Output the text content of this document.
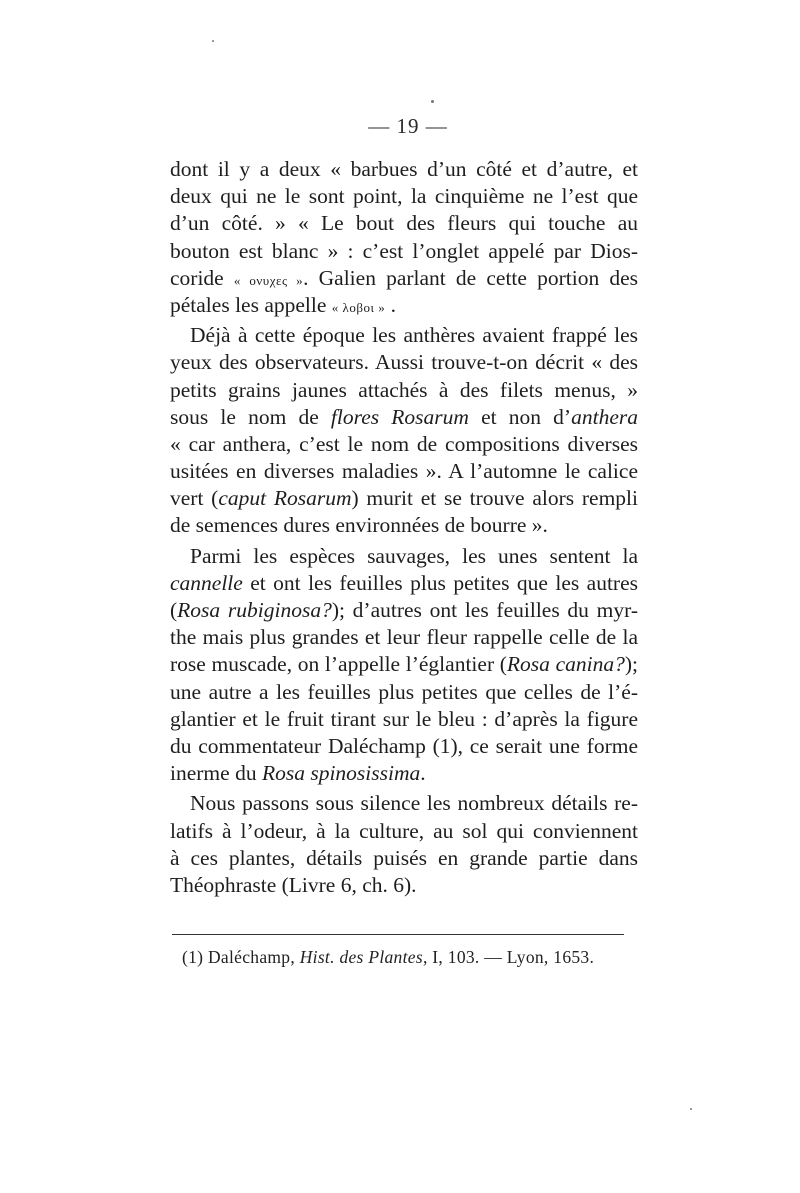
— 19 —
dont il y a deux « barbues d’un côté et d’autre, et
deux qui ne le sont point, la cinquième ne l’est que
d’un côté. » « Le bout des fleurs qui touche au
bouton est blanc » : c’est l’onglet appelé par Dios-
coride « ονυχες ». Galien parlant de cette portion des
pétales les appelle « λοβοι » .
Déjà à cette époque les anthères avaient frappé les
yeux des observateurs. Aussi trouve-t-on décrit « des
petits grains jaunes attachés à des filets menus, »
sous le nom de flores Rosarum et non d’anthera
« car anthera, c’est le nom de compositions diverses
usitées en diverses maladies ». A l’automne le calice
vert (caput Rosarum) murit et se trouve alors rempli
de semences dures environnées de bourre ».
Parmi les espèces sauvages, les unes sentent la
cannelle et ont les feuilles plus petites que les autres
(Rosa rubiginosa?); d’autres ont les feuilles du myr-
the mais plus grandes et leur fleur rappelle celle de la
rose muscade, on l’appelle l’églantier (Rosa canina?);
une autre a les feuilles plus petites que celles de l’é-
glantier et le fruit tirant sur le bleu : d’après la figure
du commentateur Daléchamp (1), ce serait une forme
inerme du Rosa spinosissima.
Nous passons sous silence les nombreux détails re-
latifs à l’odeur, à la culture, au sol qui conviennent
à ces plantes, détails puisés en grande partie dans
Théophraste (Livre 6, ch. 6).
(1) Daléchamp, Hist. des Plantes, I, 103. — Lyon, 1653.
